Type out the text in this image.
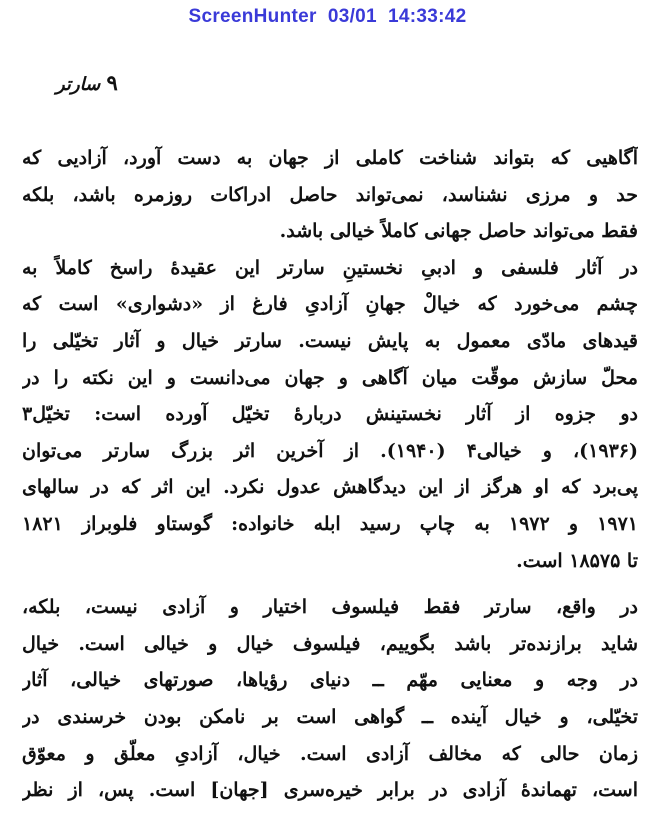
ScreenHunter  03/01  14:33:42
۹ سارتر
آگاهیی که بتواند شناخت کاملی از جهان به دست آورد، آزادیی که
حد و مرزی نشناسد، نمی‌تواند حاصل ادراکات روزمره باشد، بلکه
فقط می‌تواند حاصل جهانی کاملاً خیالی باشد.
در آثار فلسفی و ادبیِ نخستینِ سارتر این عقیدهٔ راسخ کاملاً به
چشم می‌خورد که خیالْ جهانِ آزادیِ فارغ از «دشواری» است که
قیدهای مادّی معمول به پایش نیست. سارتر خیال و آثار تخیّلی را
محلّ سازش موقّت میان آگاهی و جهان می‌دانست و این نکته را در
دو جزوه از آثار نخستینش دربارهٔ تخیّل آورده است: تخیّل٣
(١٩٣۶)، و خیالی۴ (١٩۴٠). از آخرین اثر بزرگ سارتر می‌توان
پی‌برد که او هرگز از این دیدگاهش عدول نکرد. این اثر که در سالهای
١٩٧١ و ١٩٧٢ به چاپ رسید ابله خانواده: گوستاو فلوبراز ١٨٢١
تا ١٨۵٧۵ است.
در واقع، سارتر فقط فیلسوف اختیار و آزادی نیست، بلکه،
شاید برازنده‌تر باشد بگوییم، فیلسوف خیال و خیالی است. خیال
در وجه و معنایی مهّم ــ دنیای رؤیاها، صورتهای خیالی، آثار
تخیّلی، و خیال آینده ــ گواهی است بر نامکن بودن خرسندی در
زمان حالی که مخالف آزادی است. خیال، آزادیِ معلّق و معوّق
است، تهماندهٔ آزادی در برابر خیره‌سری [جهان] است. پس، از نظر
